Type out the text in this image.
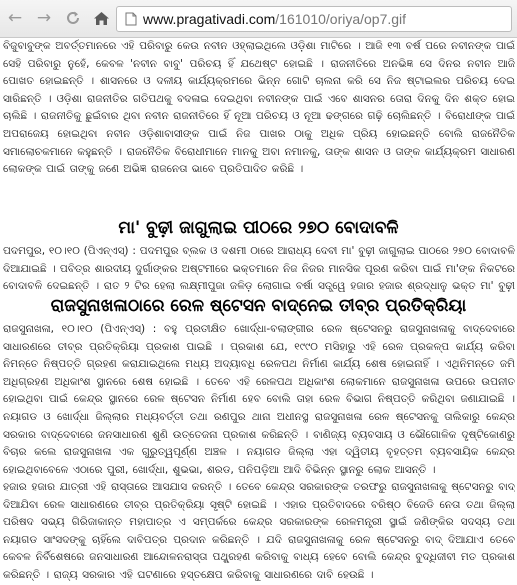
← →	www.pragativadi.com/161010/oriya/op7.gif

ବିଜୁବାବୁଙ୍କ ଅବର୍ତ୍ତମାନରେ ଏହି ପରିବାରୁ କେଉ ନବୀନ ଓହ୍ଲାଇଥିଲେ ଓଡ଼ିଶା ମାଟିରେ । ଆଜି ୧୩ ବର୍ଷ ପରେ ନବୀନଙ୍କ ପାଇଁ ସେହି ପରିବାରୁ ନୁହେଁ, କେବଳ 'ନବୀନ ବାବୁ' ପରିଚୟ ହିଁ ଯଥେଷ୍ଟ ହୋଇଛି । ରାଜନୀତିରେ ଅନଭିଜ୍ଞ ସେ ଦିନର ନବୀନ ଆଜି ପୋଖତ ହୋଇଛନ୍ତି । ଶାସନରେ ଓ ଦଳୀୟ କାର୍ଯ୍ୟକ୍ରମରେ ଭିନ୍ନ ଗୋଟି ଚାଲନା କରି ସେ ନିଜ ଷ୍ଟାଇଲର ପରିଚୟ ଦେଇ ସାରିଛନ୍ତି । ଓଡ଼ିଶା ରାଜନୀତିର ଗତିପଥକୁ ବଦଳାଇ ଦେଇଥିବା ନବୀନଙ୍କ ପାଇଁ ଏବେ ଶାସନର ତୋରା ଦିନକୁ ଦିନ ଶକ୍ତ ହୋଇ ଚାଲିଛି । ରାଜନୀତିକୁ ଛୁଇଁବାର ଥିବା ନବୀନ ରାଜନୀତିରେ ହିଁ ନୂଆ ପରିଚୟ ଓ ନୂଆ ଢଙ୍ଗରେ ଗଢ଼ି ଚୋଲିଛନ୍ତି । ବିରୋଧୀଙ୍କ ପାଇଁ ଅପରାଜେୟ ହୋଇଥିବା ନବୀନ ଓଡ଼ିଶାବାସୀଙ୍କ ପାଇଁ ନିଜ ପାଖର ୦ାକୁ ଅଧିକ ପ୍ରିୟ ହୋଇଛନ୍ତି ବୋଲି ରାଜନୈତିକ ସମାଲୋଚକମାନେ କହୁଛନ୍ତି । ରାଜନୈତିକ ବିରୋଧୀମାନେ ମାନକୁ ଅବା ନମାନକୁ, ତାଙ୍କ ଶାସନ ଓ ତାଙ୍କ କାର୍ଯ୍ୟକ୍ରମ ସାଧାରଣ ଲୋକଙ୍କ ପାଇଁ ତାଙ୍କୁ ଜଣେ ଅଭିଜ୍ଞ ରାଜନେତା ଭାବେ ପ୍ରତିପାଦିତ କରିଛି ।

ମା' ବୁଢ଼ୀ ଜାଗୁଲାଇ ପୀଠରେ ୨୭୦ ବୋଦାବଳି

ପଦମପୁର, ୧୦।୧୦ (ପିଏନ୍ଏସ୍) : ପଦମପୁର ବ୍ଲକ ଓ ଦଶମୀ ୦ାରେ ଆରାଧ୍ୟ ଦେବୀ ମା' ବୁଢ଼ୀ ଜାଗୁଲାଇ ପାଠରେ ୨୭୦ ବୋଦାବଳି ଦିଆଯାଇଛି । ପବିତ୍ର ଶାରଦୀୟ ଦୁର୍ଗାଙ୍କର ଅଷ୍ଟମୀରେ ଭକ୍ତମାନେ ନିଜ ନିଜର ମାନସିକ ପୂରଣ କରିବା ପାଇଁ ମା'ଙ୍କ ନିକଟରେ ବୋଦାବଳି ଦେଇଛନ୍ତି । ରାତ ୨ ଟିର ହେଲା ଲକ୍ଷ୍ମୀପୁଜା ଜଳିଡ଼ ଲୋଗାଇ ବର୍ଷା ସତ୍ତ୍ୱେ ହଜାର ହଜାର ଶ୍ରଦ୍ଧାଳୁ ଭକ୍ତ ମା' ବୁଢ଼ୀ

ରାଜସୁନାଖଳାଠାରେ ରେଳ ଷ୍ଟେସନ ବାଦ୍‌ନେଇ ତୀବ୍ର ପ୍ରତିକ୍ରିୟା

ରାଜସୁନାଖଳା, ୧୦।୧୦ (ପିଏନ୍ଏସ୍) : ବହୁ ପ୍ରତୀକ୍ଷିତ ଖୋର୍ଦ୍ଧା-ବଲାଙ୍ଗୀର ରେଳ ଷ୍ଟେସନରୁ ରାଜସୁନାଖଳାକୁ ବାଦ୍‌ଦେବାରେ ସାଧାରଣରେ ତୀବ୍ର ପ୍ରତିକ୍ରିୟା ପ୍ରକାଶ ପାଇଛି । ପ୍ରକାଶ ଯେ, ୧୯୯୦ ମସିହାରୁ ଏହି ରେଳ ପ୍ରକଳ୍ପ କାର୍ଯ୍ୟ କରିବା ନିମନ୍ତେ ନିଷ୍ପତ୍ତି ଗ୍ରହଣ କରାଯାଇଥିଲେ ମଧ୍ୟ ଅଦ୍ୟାବଧି ରେଳପଥ ନିର୍ମାଣ କାର୍ଯ୍ୟ ଶେଷ ହୋଇନାହିଁ । ଏଥିନିମନ୍ତେ ଜମି ଅଧିଗ୍ରହଣ ଅଧିକାଂଶ ସ୍ଥାନରେ ଶେଷ ହୋଇଛି । ତେବେ ଏହି ରେଳପଥ ଅଧିକାଂଶ ଲୋକମାନେ ରାଜସୁନାଖଳା ଉପରେ ଉପନୀତ ହୋଇଥିବା ପାଇଁ କେନ୍ଦ୍ର ସ୍ଥାନରେ ରେଳ ଷ୍ଟେସନ ନିର୍ମାଣ ହେବ ବୋଲି ତାହା ରେଳ ବିଭାଗ ନିଷ୍ପତ୍ତି କରିଥିବା ଜଣାଯାଇଛି । ନୟାଗଡ ଓ ଖୋର୍ଦ୍ଧା ଜିଲ୍ଲାର ମଧ୍ୟବର୍ତ୍ତୀ ତଥା ରଣପୁର ଥାନା ଅଧୀନସ୍ଥ ରାଜସୁନାଖଳା ରେଳ ଷ୍ଟେସନକୁ ତାଲିକାରୁ କେନ୍ଦ୍ର ସରକାର ବାଦ୍‌ଦେବାରେ ଜନସାଧାରଣ ଶୁଣି ଉତ୍ତେଜନା ପ୍ରକାଶ କରିଛନ୍ତି । ବାଣିଜ୍ୟ ବ୍ୟବସାୟ ଓ ଭୌଗୋଳିକ ଦୃଷ୍ଟିକୋଣରୁ ବିଚାର କଲେ ରାଜସୁନାଖଳା ଏକ ଗୁରୁତ୍ୱପୂର୍ଣ୍ଣ ଅଞ୍ଚଳ । ନୟାଗଡ ଜିଲ୍ଲା ଏହା ଦ୍ୱିତୀୟ ବୃହତ୍ତମ ବ୍ୟବସାୟିକ କେନ୍ଦ୍ର ହୋଇଥିବାବେଳେ ଏଠାରେ ପୁରୀ, ଖୋର୍ଦ୍ଧା, ଶୁଭଭା, ଶରଡ, ପନିପଡ଼ିଆ ଆଦି ବିଭିନ୍ନ ସ୍ଥାନରୁ ଲୋକ ଆସନ୍ତି ।

ହଜାର ହଜାର ଯାତ୍ରୀ ଏହି ରାସ୍ତାରେ ଆସଯାସ କରନ୍ତି । ତେବେ କେନ୍ଦ୍ର ସରକାରଙ୍କ ତରଫରୁ ରାଜସୁନାଖଳାକୁ ଷ୍ଟେସନରୁ ବାଦ୍ ଦିଆଯିବା ରେଳ ସାଧାରଣରେ ତୀବ୍ର ପ୍ରତିକ୍ରିୟା ସୃଷ୍ଟି ହୋଇଛି । ଏହାର ପ୍ରତିବାଦରେ ବରିଷ୍ଠ ବିଜେଡି ନେତା ତଥା ଜିଲ୍ଲା ପରିଷଦ ସଭ୍ୟ ଗିରିଜାକାନ୍ତ ମହାପାତ୍ର ଏ ସମ୍ପର୍କରେ କେନ୍ଦ୍ର ସରକାରଙ୍କ ରେଳମନ୍ତ୍ରୀ ସ୍ଥାଇଁ ଜଣିଙ୍କିର ସଦସ୍ୟ ତଥା ନୟାଗଡ ସାଂସଦଙ୍କୁ ଚାହିଁଲେ ଦାବିପତ୍ର ପ୍ରଦାନ କରିଛନ୍ତି । ଯଦି ରାଜସୁନାଖଳାକୁ ରେଳ ଷ୍ଟେସନରୁ ବାଦ୍ ଦିଆଯାଏ ତେବେ କେବଳ ନିର୍ବିଶେଷରେ ଜନସାଧାରଣ ଆନ୍ଦୋଳନରାସ୍ତା ପଥ୍ଗ୍ରହଣ କରିବାକୁ ବାଧ୍ୟ ହେବେ ବୋଲି କେନ୍ଦ୍ର ବୁଦ୍ଧିଜୀବୀ ମତ ପ୍ରକାଶ କରିଛନ୍ତି । ରାଜ୍ୟ ସରକାର ଏହି ଘଟଣାରେ ହସ୍ତକ୍ଷେପ କରିବାକୁ ସାଧାରଣରେ ଦାବି ହେଉଛି ।
